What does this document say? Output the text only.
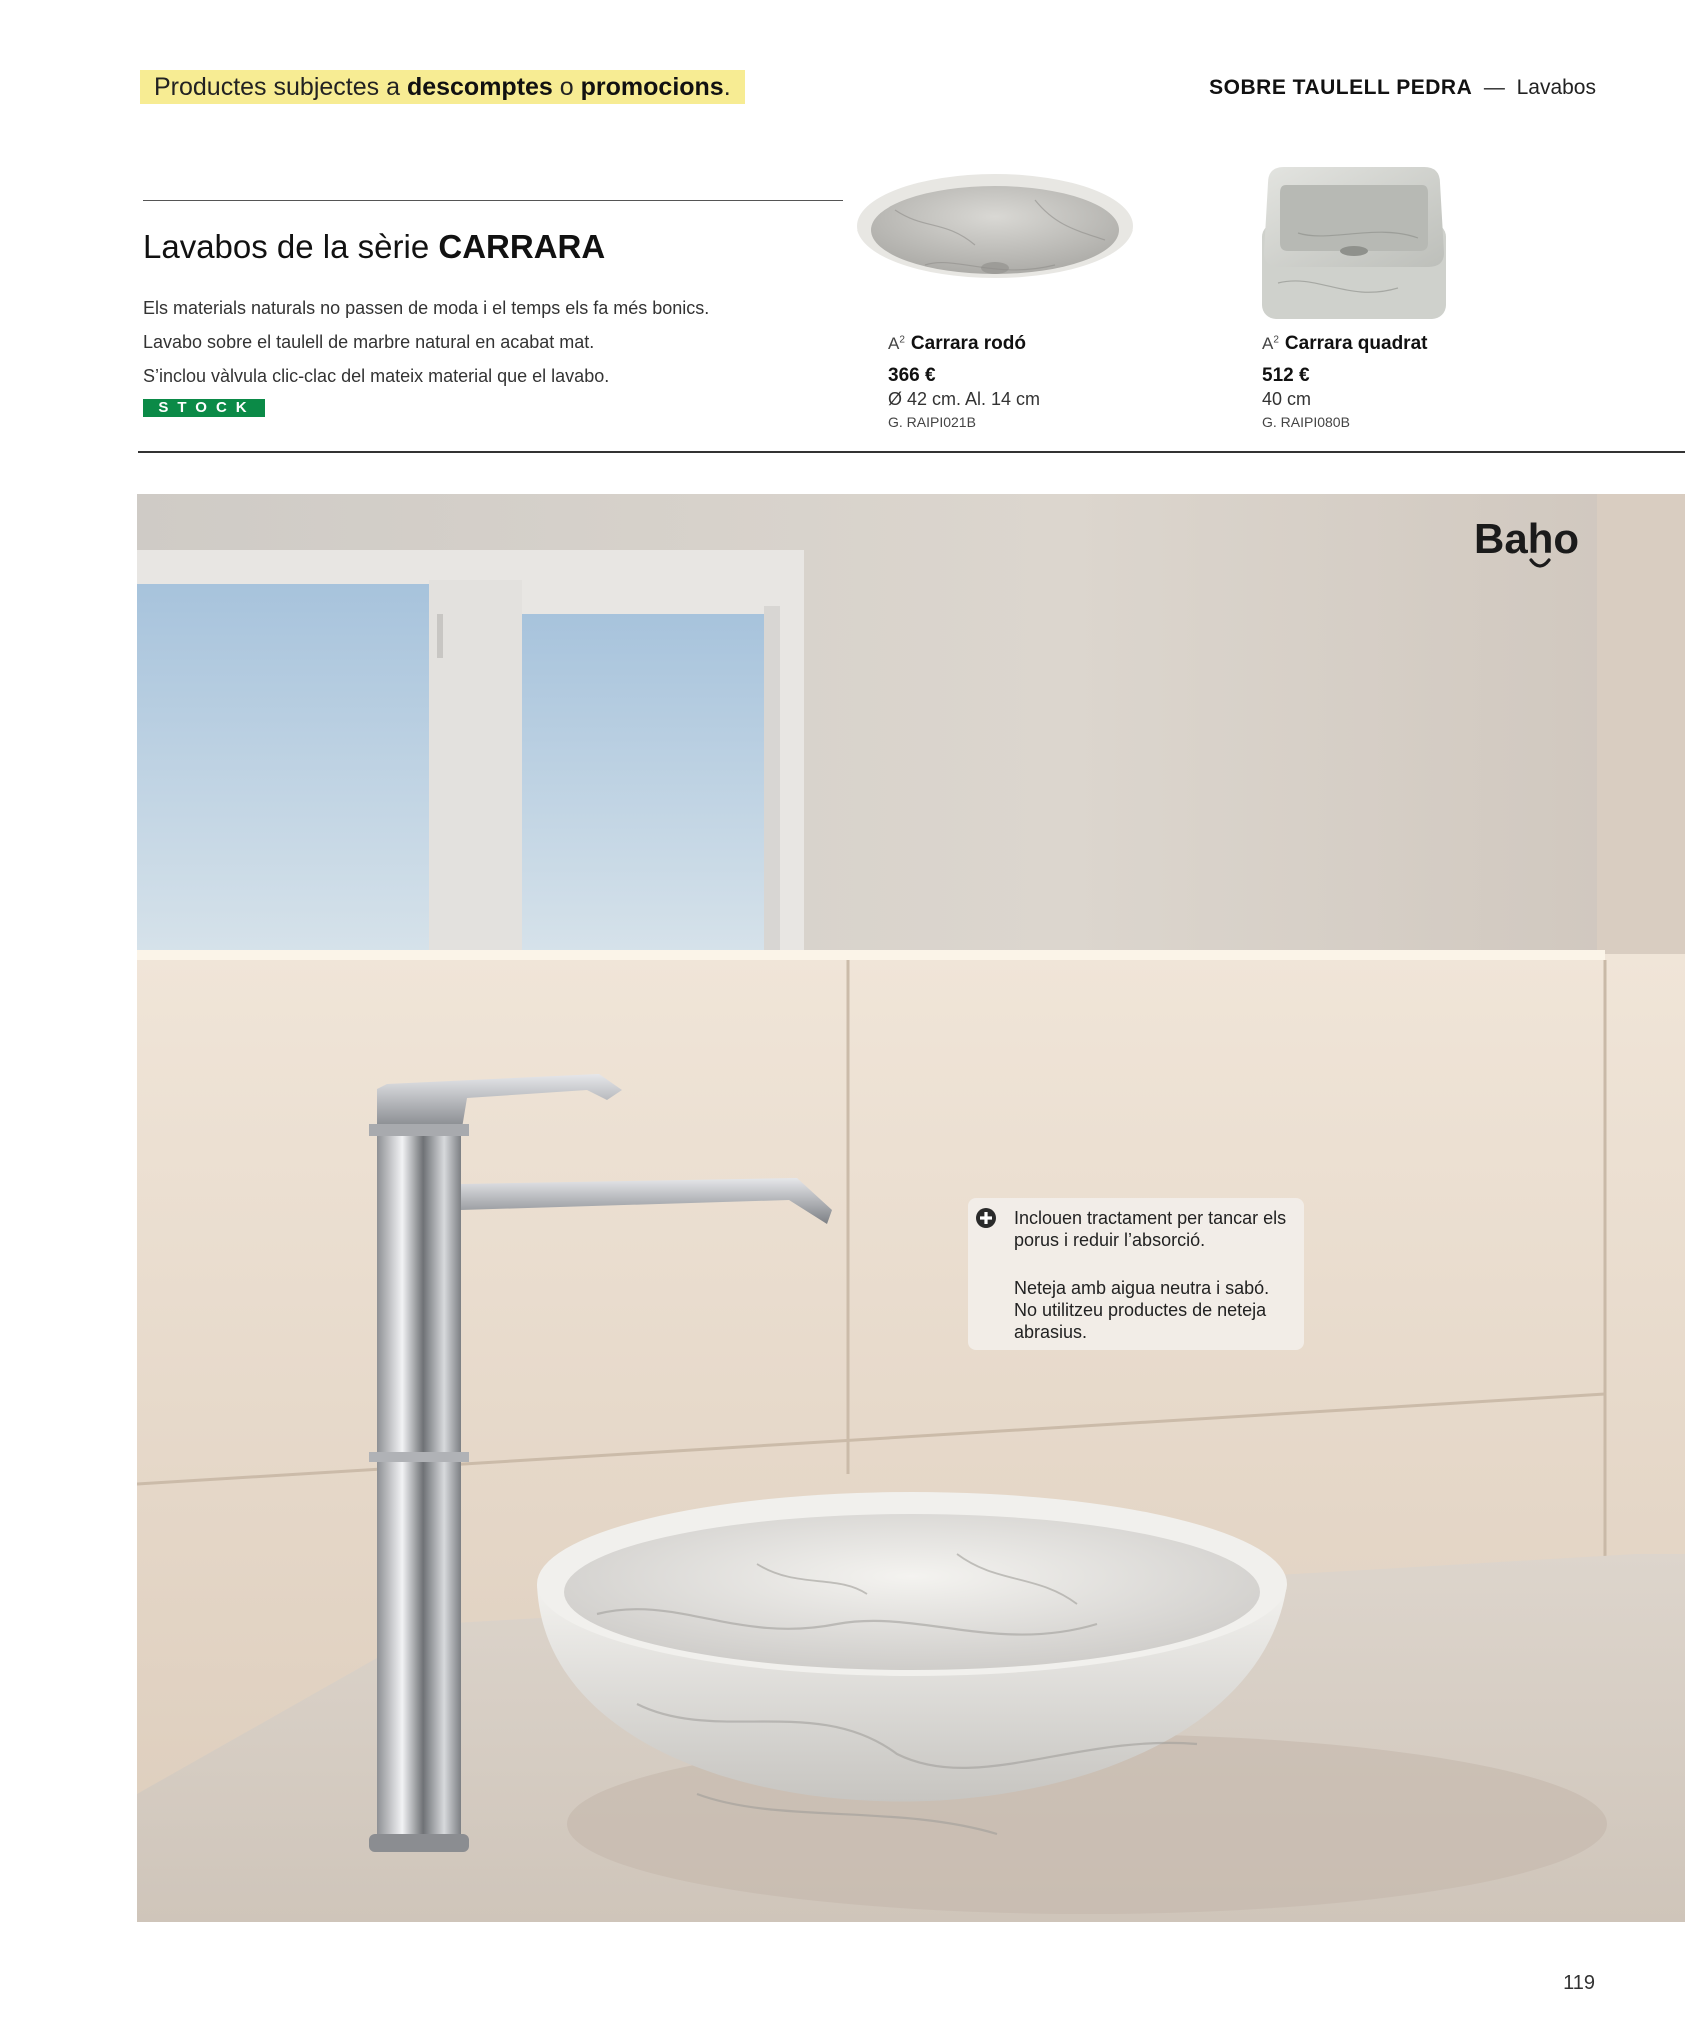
Productes subjectes a descomptes o promocions.	SOBRE TAULELL PEDRA — Lavabos
Lavabos de la sèrie CARRARA
Els materials naturals no passen de moda i el temps els fa més bonics.
Lavabo sobre el taulell de marbre natural en acabat mat.
S’inclou vàlvula clic-clac del mateix material que el lavabo.
STOCK
$A^2$ Carrara rodó
366 €
Ø 42 cm. Al. 14 cm
G. RAIPI021B
$A^2$ Carrara quadrat
512 €
40 cm
G. RAIPI080B
Baho
Inclouen tractament per tancar els
porus i reduir l’absorció.
Neteja amb aigua neutra i sabó.
No utilitzeu productes de neteja
abrasius.
119
